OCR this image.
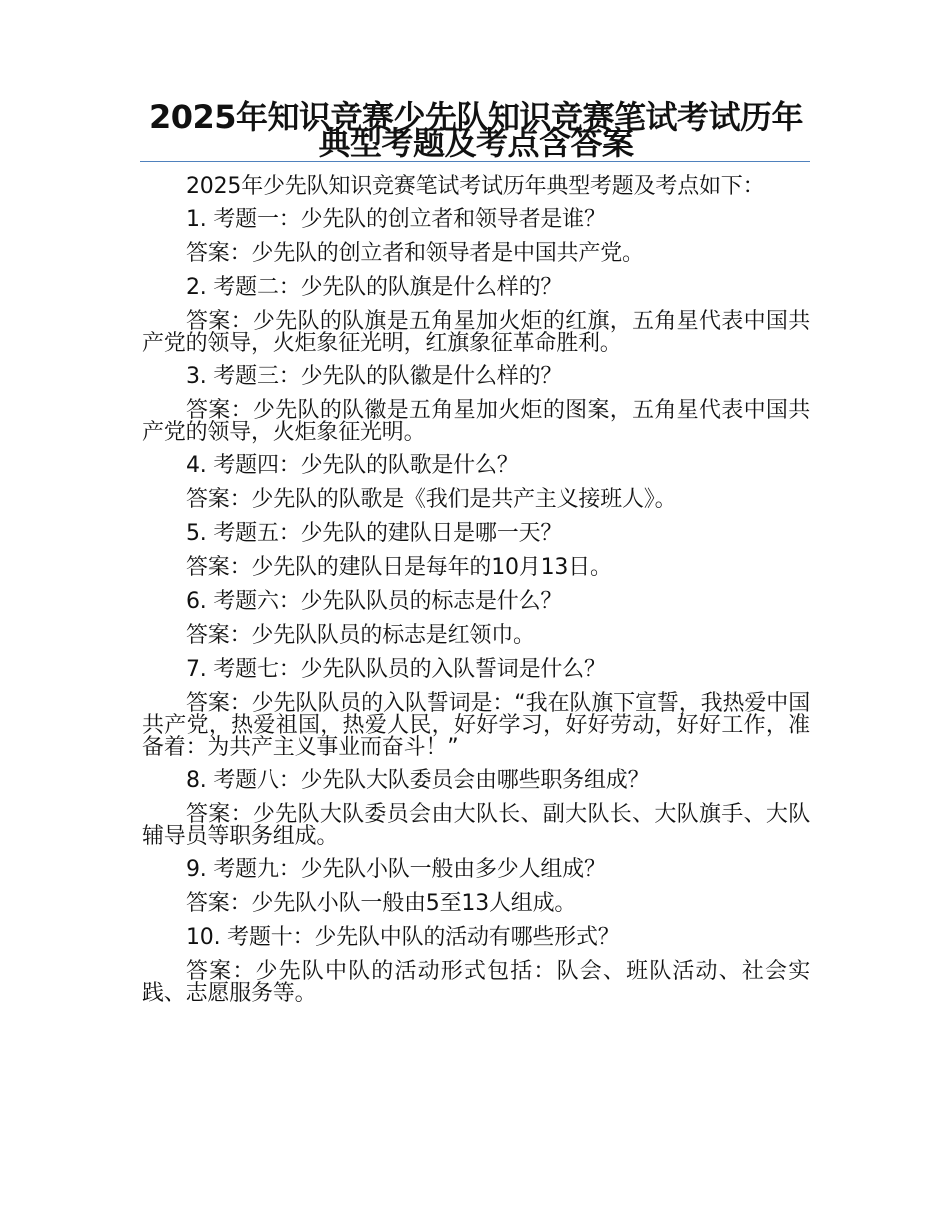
2025年知识竞赛少先队知识竞赛笔试考试历年典型考题及考点含答案

2025年少先队知识竞赛笔试考试历年典型考题及考点如下：

1. 考题一：少先队的创立者和领导者是谁？

答案：少先队的创立者和领导者是中国共产党。

2. 考题二：少先队的队旗是什么样的？

答案：少先队的队旗是五角星加火炬的红旗，五角星代表中国共产党的领导，火炬象征光明，红旗象征革命胜利。

3. 考题三：少先队的队徽是什么样的？

答案：少先队的队徽是五角星加火炬的图案，五角星代表中国共产党的领导，火炬象征光明。

4. 考题四：少先队的队歌是什么？

答案：少先队的队歌是《我们是共产主义接班人》。

5. 考题五：少先队的建队日是哪一天？

答案：少先队的建队日是每年的10月13日。

6. 考题六：少先队队员的标志是什么？

答案：少先队队员的标志是红领巾。

7. 考题七：少先队队员的入队誓词是什么？

答案：少先队队员的入队誓词是：“我在队旗下宣誓，我热爱中国共产党，热爱祖国，热爱人民，好好学习，好好劳动，好好工作，准备着：为共产主义事业而奋斗！”

8. 考题八：少先队大队委员会由哪些职务组成？

答案：少先队大队委员会由大队长、副大队长、大队旗手、大队辅导员等职务组成。

9. 考题九：少先队小队一般由多少人组成？

答案：少先队小队一般由5至13人组成。

10. 考题十：少先队中队的活动有哪些形式？

答案：少先队中队的活动形式包括：队会、班队活动、社会实践、志愿服务等。
